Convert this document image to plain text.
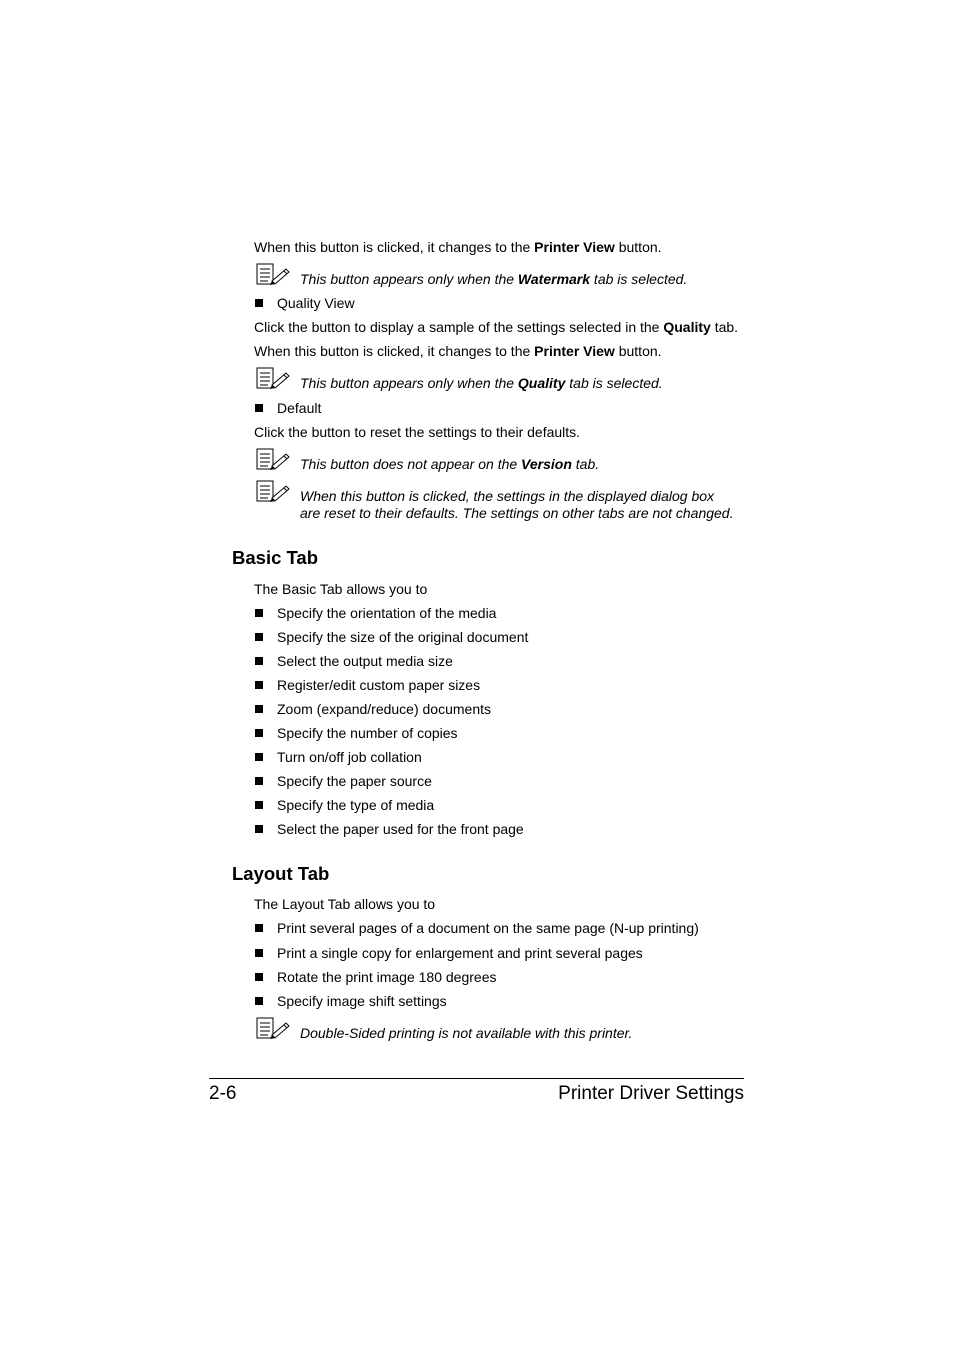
When this button is clicked, it changes to the Printer View button.
This button appears only when the Watermark tab is selected.
Quality View
Click the button to display a sample of the settings selected in the Quality tab.
When this button is clicked, it changes to the Printer View button.
This button appears only when the Quality tab is selected.
Default
Click the button to reset the settings to their defaults.
This button does not appear on the Version tab.
When this button is clicked, the settings in the displayed dialog box
are reset to their defaults. The settings on other tabs are not changed.
Basic Tab
The Basic Tab allows you to
Specify the orientation of the media
Specify the size of the original document
Select the output media size
Register/edit custom paper sizes
Zoom (expand/reduce) documents
Specify the number of copies
Turn on/off job collation
Specify the paper source
Specify the type of media
Select the paper used for the front page
Layout Tab
The Layout Tab allows you to
Print several pages of a document on the same page (N-up printing)
Print a single copy for enlargement and print several pages
Rotate the print image 180 degrees
Specify image shift settings
Double-Sided printing is not available with this printer.
2-6	Printer Driver Settings
